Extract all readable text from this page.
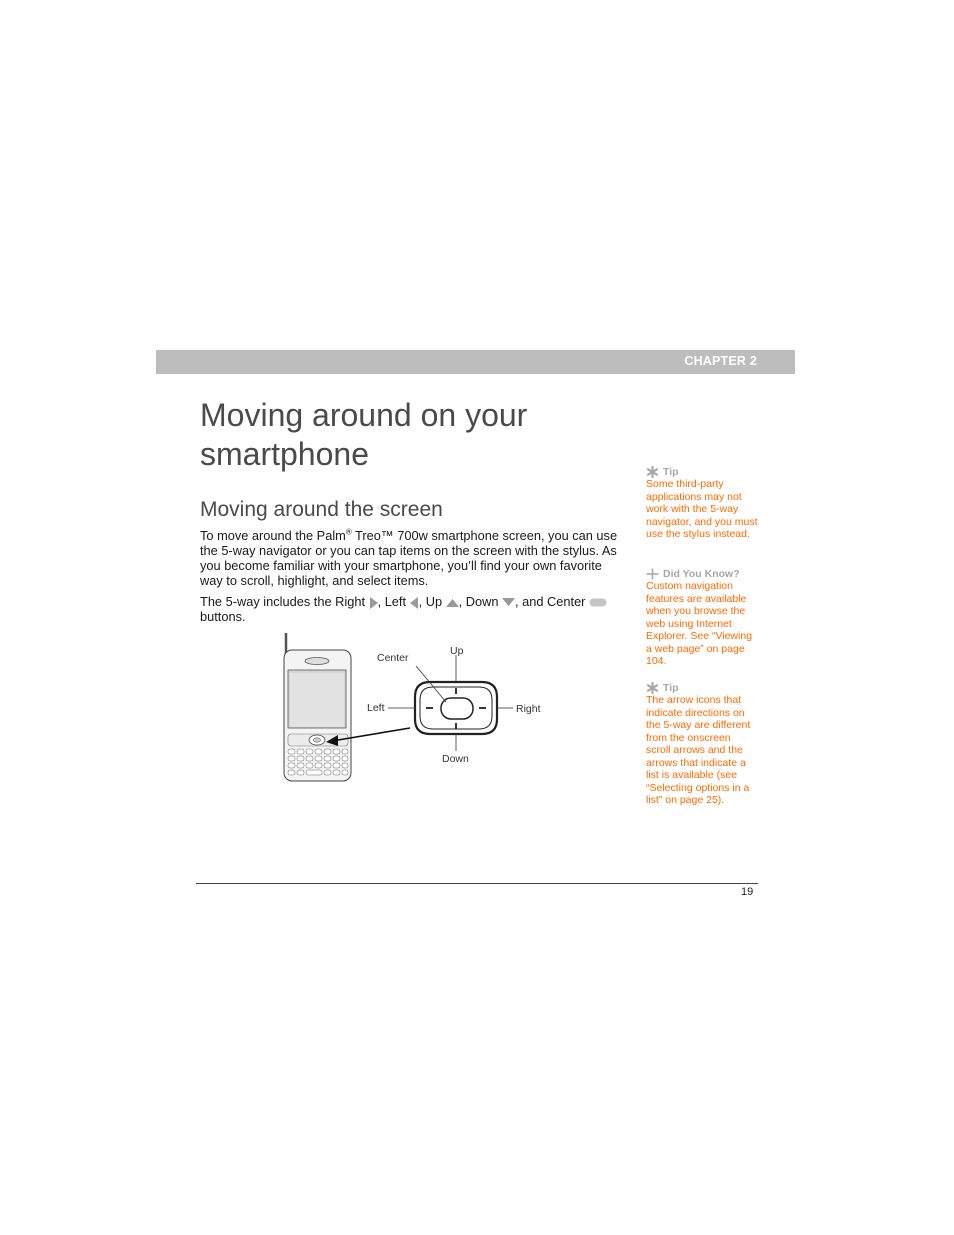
CHAPTER 2
Moving around on your smartphone
Moving around the screen

To move around the Palm® Treo™ 700w smartphone screen, you can use the 5-way navigator or you can tap items on the screen with the stylus. As you become familiar with your smartphone, you’ll find your own favorite way to scroll, highlight, and select items.

The 5-way includes the Right , Left , Up , Down , and Center  buttons.

Up
Center
Left	Right
Down
Tip

Some third-party applications may not work with the 5-way navigator, and you must use the stylus instead.

Did You Know?

Custom navigation features are available when you browse the web using Internet Explorer. See “Viewing a web page” on page 104.

Tip

The arrow icons that indicate directions on the 5-way are different from the onscreen scroll arrows and the arrows that indicate a list is available (see “Selecting options in a list” on page 25).

19
